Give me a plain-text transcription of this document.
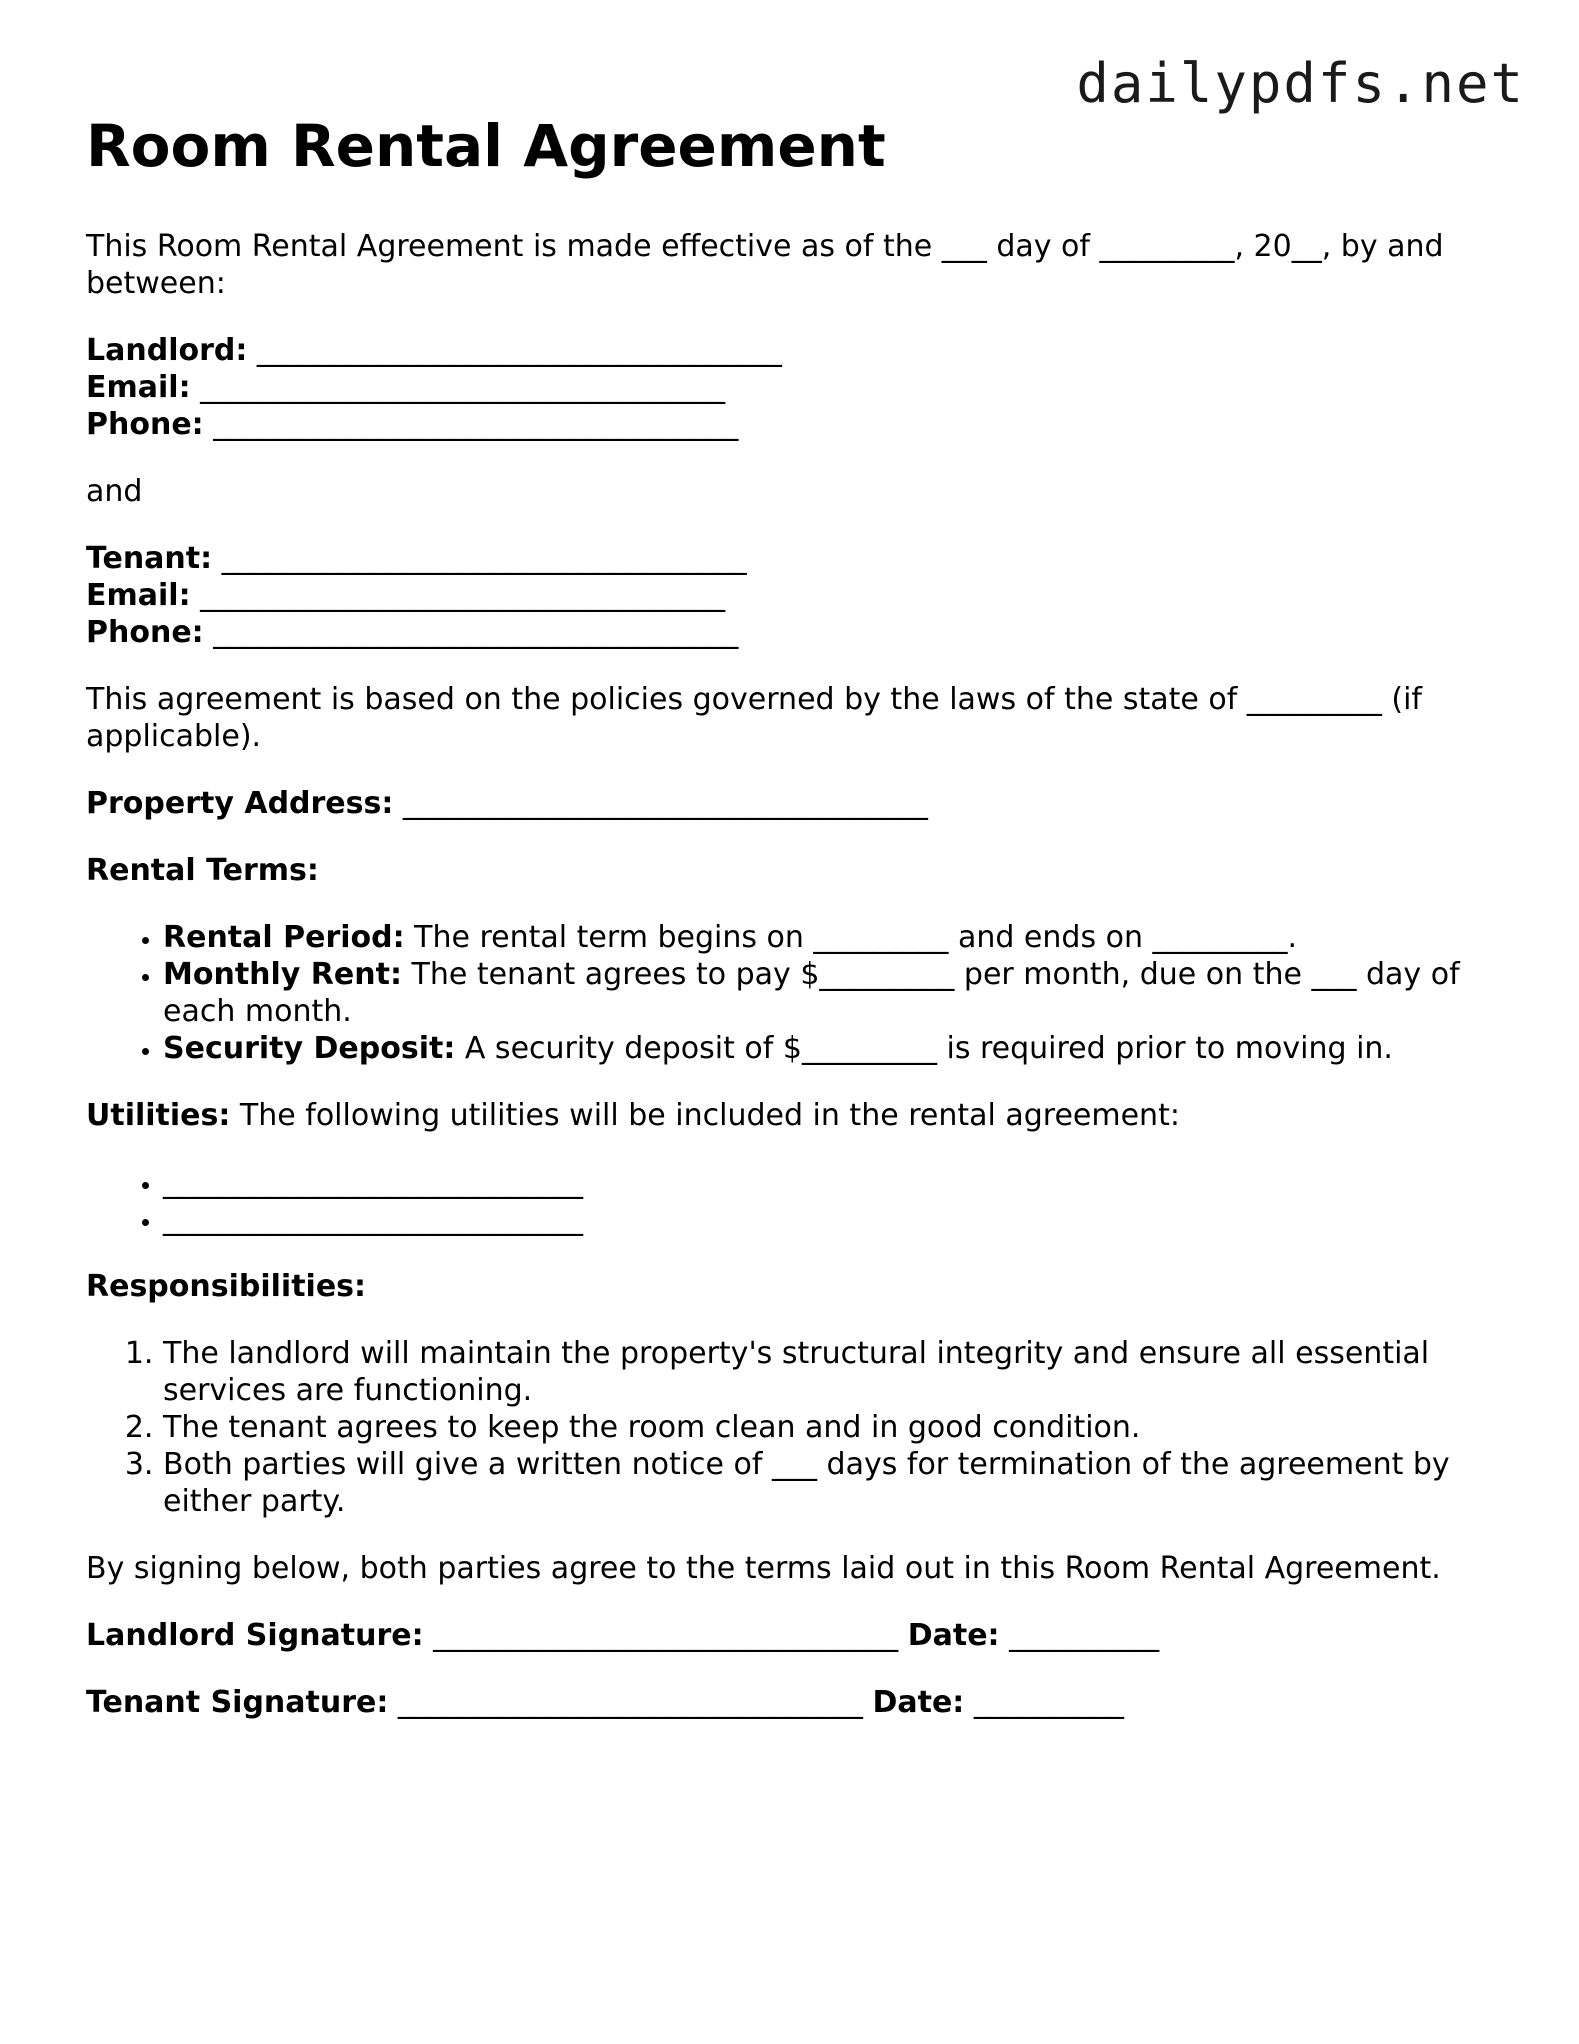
dailypdfs.net
Room Rental Agreement

This Room Rental Agreement is made effective as of the ___ day of _________, 20__, by and between:

Landlord: ___________________________________

Email: ___________________________________

Phone: ___________________________________

and

Tenant: ___________________________________

Email: ___________________________________

Phone: ___________________________________

This agreement is based on the policies governed by the laws of the state of _________ (if applicable).

Property Address: ___________________________________

Rental Terms:

• Rental Period: The rental term begins on _________ and ends on _________.
• Monthly Rent: The tenant agrees to pay $_________ per month, due on the ___ day of each month.
• Security Deposit: A security deposit of $_________ is required prior to moving in.

Utilities: The following utilities will be included in the rental agreement:

• ____________________________
• ____________________________

Responsibilities:

1. The landlord will maintain the property's structural integrity and ensure all essential services are functioning.
2. The tenant agrees to keep the room clean and in good condition.
3. Both parties will give a written notice of ___ days for termination of the agreement by either party.

By signing below, both parties agree to the terms laid out in this Room Rental Agreement.

Landlord Signature: _______________________________ Date: __________

Tenant Signature: _______________________________ Date: __________
